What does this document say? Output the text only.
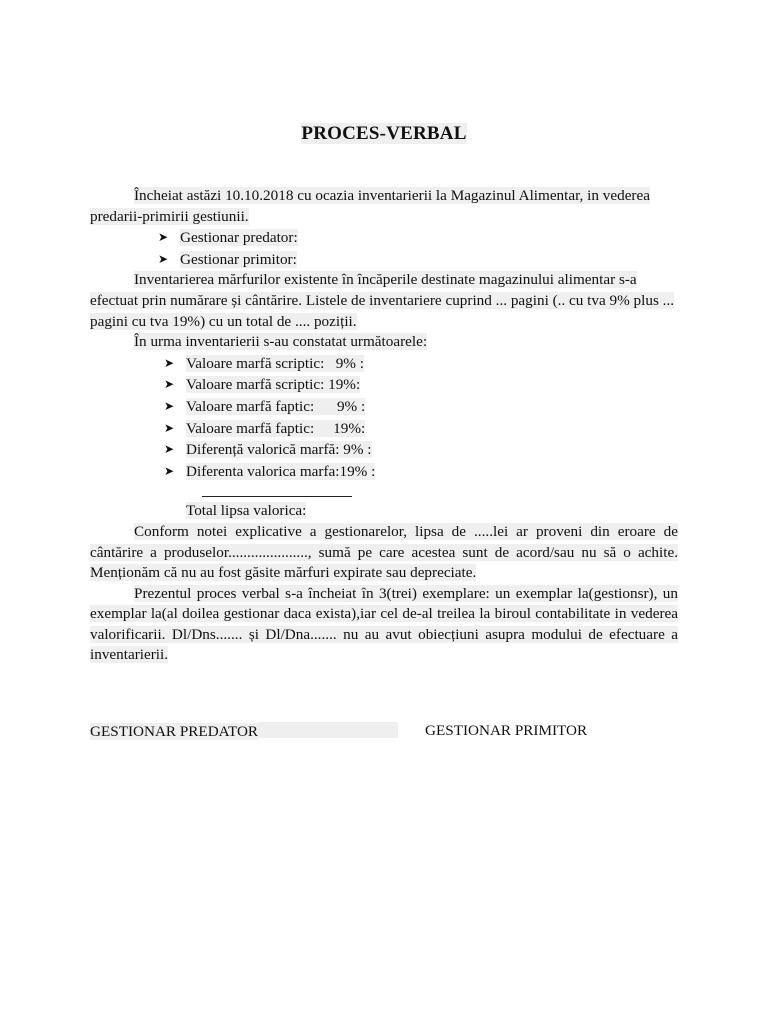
PROCES-VERBAL

Încheiat astăzi 10.10.2018 cu ocazia inventarierii la Magazinul Alimentar, in vederea
predarii-primirii gestiunii.

➤ Gestionar predator:
➤ Gestionar primitor:

Inventarierea mărfurilor existente în încăperile destinate magazinului alimentar s-a efectuat prin numărare și cântărire. Listele de inventariere cuprind ... pagini (.. cu tva 9% plus ... pagini cu tva 19%) cu un total de .... poziții.

În urma inventarierii s-au constatat următoarele:

➤ Valoare marfă scriptic:   9% :
➤ Valoare marfă scriptic: 19%:
➤ Valoare marfă faptic:      9% :
➤ Valoare marfă faptic:     19%:
➤ Diferență valorică marfă: 9% :
➤ Diferenta valorica marfa:19% :

Total lipsa valorica:

Conform notei explicative a gestionarelor, lipsa de .....lei ar proveni din eroare de cântărire a produselor....................., sumă pe care acestea sunt de acord/sau nu să o achite. Menționăm că nu au fost găsite mărfuri expirate sau depreciate.

Prezentul proces verbal s-a încheiat în 3(trei) exemplare: un exemplar la(gestionsr), un exemplar la(al doilea gestionar daca exista),iar cel de-al treilea la biroul contabilitate in vederea valorificarii. Dl/Dns....... și Dl/Dna....... nu au avut obiecțiuni asupra modului de efectuare a inventarierii.

GESTIONAR PREDATOR	GESTIONAR PRIMITOR
